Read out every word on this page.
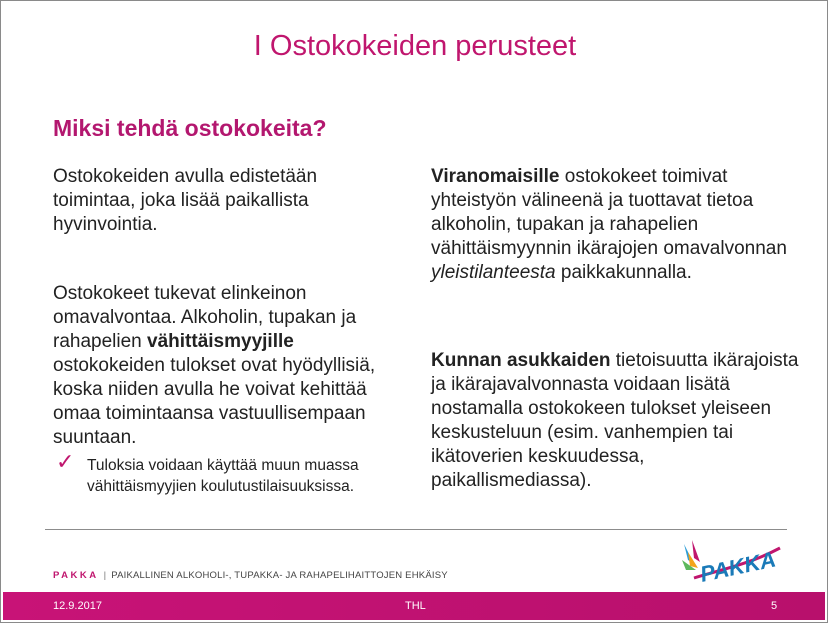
I Ostokokeiden perusteet
Miksi tehdä ostokokeita?

Ostokokeiden avulla edistetään toimintaa, joka lisää paikallista hyvinvointia.

Ostokokeet tukevat elinkeinon omavalvontaa. Alkoholin, tupakan ja rahapelien vähittäismyyjille ostokokeiden tulokset ovat hyödyllisiä, koska niiden avulla he voivat kehittää omaa toimintaansa vastuullisempaan suuntaan.

✓ Tuloksia voidaan käyttää muun muassa vähittäismyyjien koulutustilaisuuksissa.

Viranomaisille ostokokeet toimivat yhteistyön välineenä ja tuottavat tietoa alkoholin, tupakan ja rahapelien vähittäismyynnin ikärajojen omavalvonnan yleistilanteesta paikkakunnalla.

Kunnan asukkaiden tietoisuutta ikärajoista ja ikärajavalvonnasta voidaan lisätä nostamalla ostokokeen tulokset yleiseen keskusteluun (esim. vanhempien tai ikätoverien keskuudessa, paikallismediassa).

PAKKA | PAIKALLINEN ALKOHOLI-, TUPAKKA- JA RAHAPELIHAITTOJEN EHKÄISY	PAKKA
12.9.2017	THL	5
